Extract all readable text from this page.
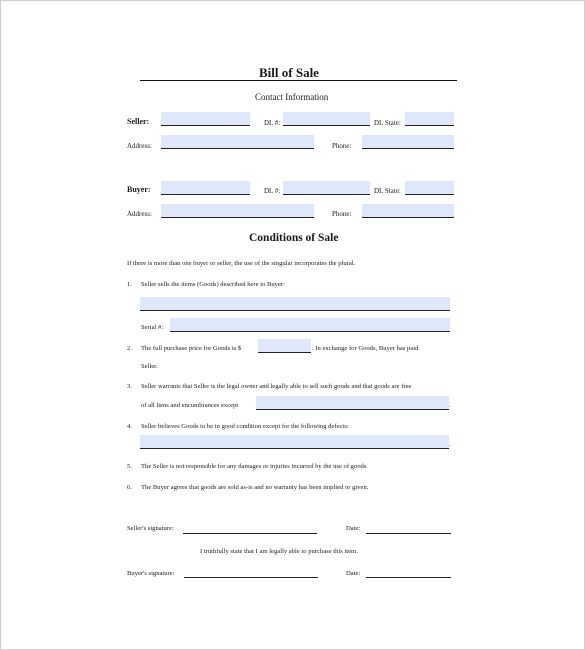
Bill of Sale
Contact Information
Seller:	DL #:	DL State:
Address:	Phone:
Buyer:	DL #:	DL State:
Address:	Phone:
Conditions of Sale
If there is more than one buyer or seller, the use of the singular incorporates the plural.
1. Seller sells the items (Goods) described here to Buyer:
Serial #:
2. The full purchase price for Goods is $	. In exchange for Goods, Buyer has paid
Seller.
3. Seller warrants that Seller is the legal owner and legally able to sell such goods and that goods are free
of all liens and encumbrances except	.
4. Seller believes Goods to be in good condition except for the following defects:
.
5. The Seller is not responsible for any damages or injuries incurred by the use of goods
6. The Buyer agrees that goods are sold as-is and no warranty has been implied or given.
Seller's signature:	Date:
I truthfully state that I am legally able to purchase this item.
Buyer's signature:	Date:
